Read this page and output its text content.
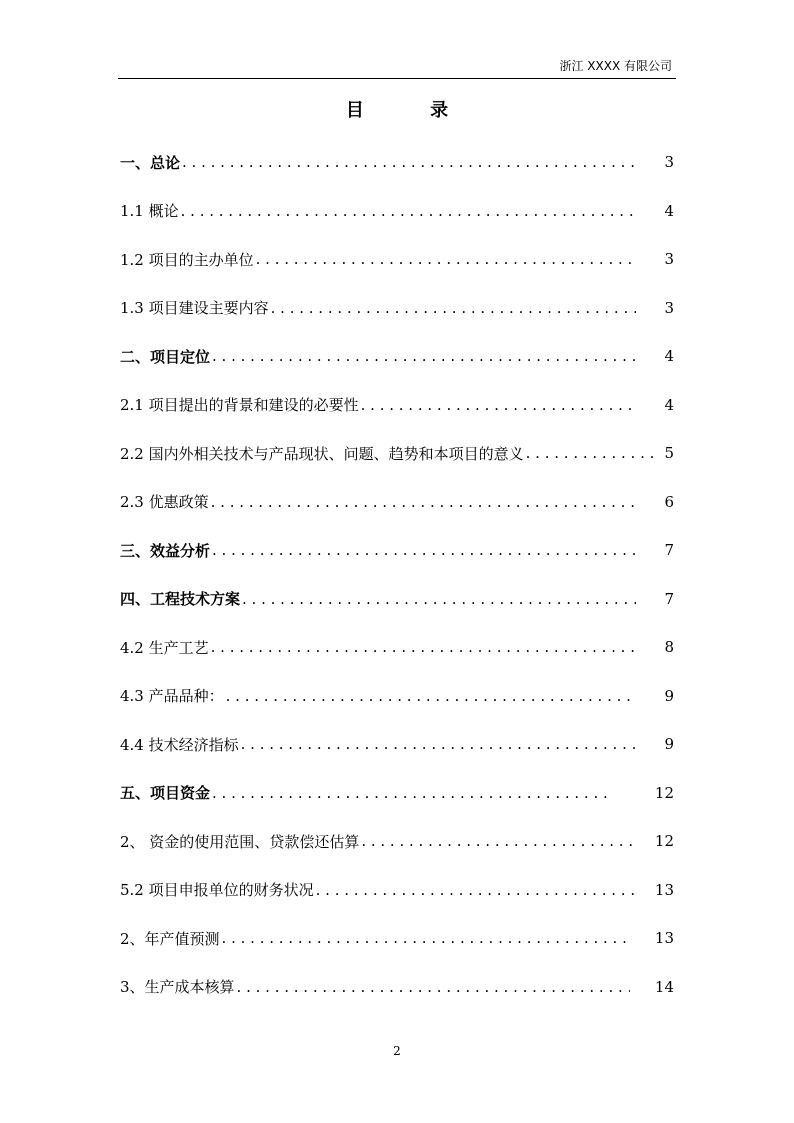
浙江 XXXX 有限公司
目 录
一、总论 . . .	3
1.1 概论 . . .	4
1.2 项目的主办单位 . . .	3
1.3 项目建设主要内容 . . .	3
二、项目定位 . . .	4
2.1 项目提出的背景和建设的必要性 . . .	4
2.2 国内外相关技术与产品现状、问题、趋势和本项目的意义 . . .	5
2.3 优惠政策 . . .	6
三、效益分析 . . .	7
四、工程技术方案 . . .	7
4.2 生产工艺 . . .	8
4.3 产品品种： . . .	9
4.4 技术经济指标 . . .	9
五、项目资金 . . .	12
2、 资金的使用范围、贷款偿还估算 . . .	12
5.2 项目申报单位的财务状况 . . .	13
2、年产值预测 . . .	13
3、生产成本核算 . . .	14
2
